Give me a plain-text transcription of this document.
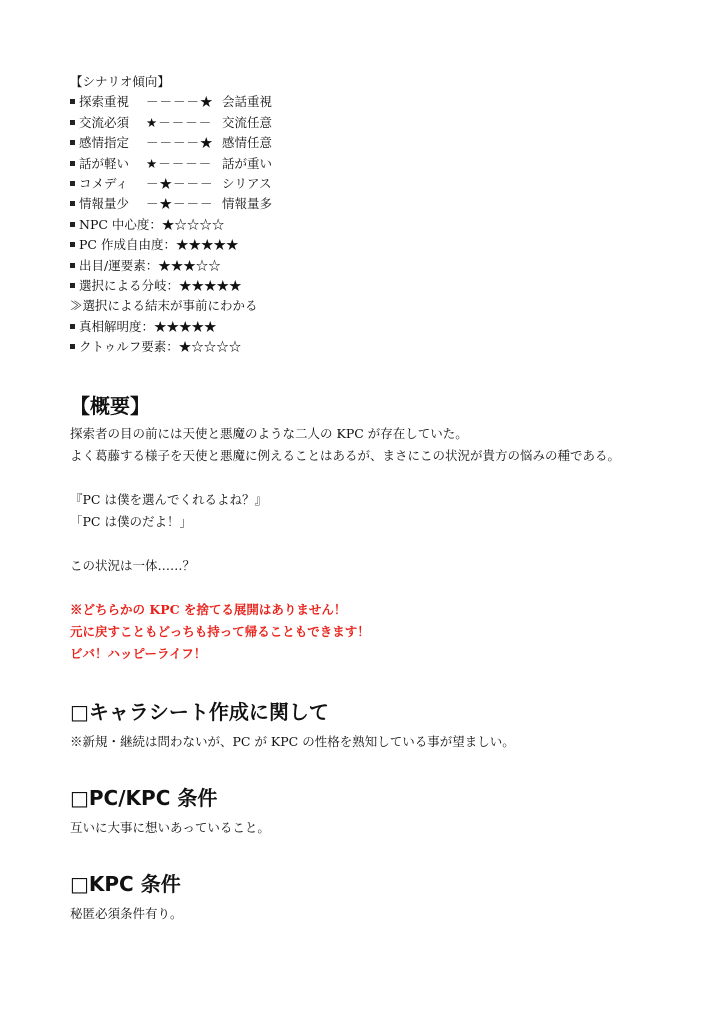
【シナリオ傾向】
探索重視 －－－－★ 会話重視
交流必須 ★－－－－ 交流任意
感情指定 －－－－★ 感情任意
話が軽い ★－－－－ 話が重い
コメディ －★－－－ シリアス
情報量少 －★－－－ 情報量多
NPC 中心度：★☆☆☆☆
PC 作成自由度：★★★★★
出目/運要素：★★★☆☆
選択による分岐：★★★★★
≫選択による結末が事前にわかる
真相解明度：★★★★★
クトゥルフ要素：★☆☆☆☆
【概要】
探索者の目の前には天使と悪魔のような二人の KPC が存在していた。
よく葛藤する様子を天使と悪魔に例えることはあるが、まさにこの状況が貴方の悩みの種である。
『PC は僕を選んでくれるよね？』
「PC は僕のだよ！」
この状況は一体……？
※どちらかの KPC を捨てる展開はありません！
元に戻すこともどっちも持って帰ることもできます！
ビバ！ハッピーライフ！
□キャラシート作成に関して
※新規・継続は問わないが、PC が KPC の性格を熟知している事が望ましい。
□PC/KPC 条件
互いに大事に想いあっていること。
□KPC 条件
秘匿必須条件有り。
